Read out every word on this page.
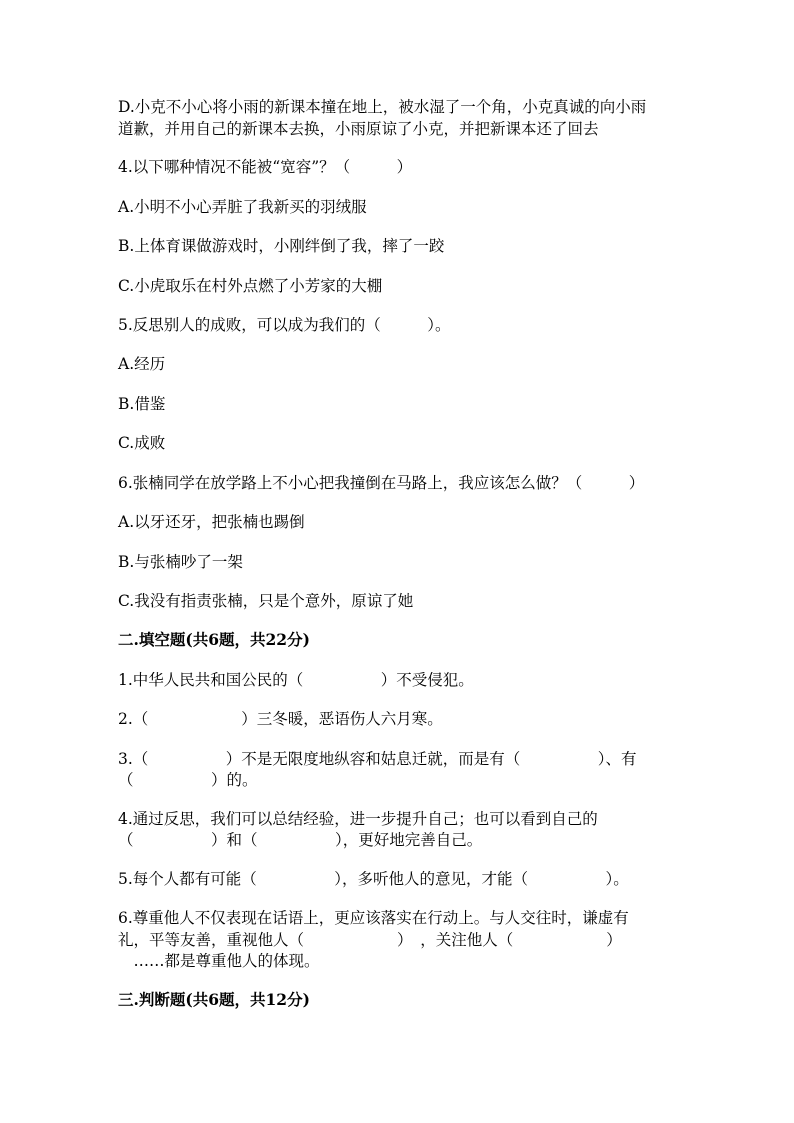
D.小克不小心将小雨的新课本撞在地上，被水湿了一个角，小克真诚的向小雨
道歉，并用自己的新课本去换，小雨原谅了小克，并把新课本还了回去
4.以下哪种情况不能被“宽容”？（　　　）
A.小明不小心弄脏了我新买的羽绒服
B.上体育课做游戏时，小刚绊倒了我，摔了一跤
C.小虎取乐在村外点燃了小芳家的大棚
5.反思别人的成败，可以成为我们的（　　　）。
A.经历
B.借鉴
C.成败
6.张楠同学在放学路上不小心把我撞倒在马路上，我应该怎么做？（　　　）
A.以牙还牙，把张楠也踢倒
B.与张楠吵了一架
C.我没有指责张楠，只是个意外，原谅了她
二.填空题(共6题，共22分)
1.中华人民共和国公民的（　　　　　）不受侵犯。
2.（　　　　　　）三冬暖，恶语伤人六月寒。
3.（　　　　　）不是无限度地纵容和姑息迁就，而是有（　　　　　）、有
（　　　　　）的。
4.通过反思，我们可以总结经验，进一步提升自己；也可以看到自己的
（　　　　　）和（　　　　　），更好地完善自己。
5.每个人都有可能（　　　　　），多听他人的意见，才能（　　　　　）。
6.尊重他人不仅表现在话语上，更应该落实在行动上。与人交往时，谦虚有
礼，平等友善，重视他人（　　　　　　）　，关注他人（　　　　　　）
　……都是尊重他人的体现。
三.判断题(共6题，共12分)
